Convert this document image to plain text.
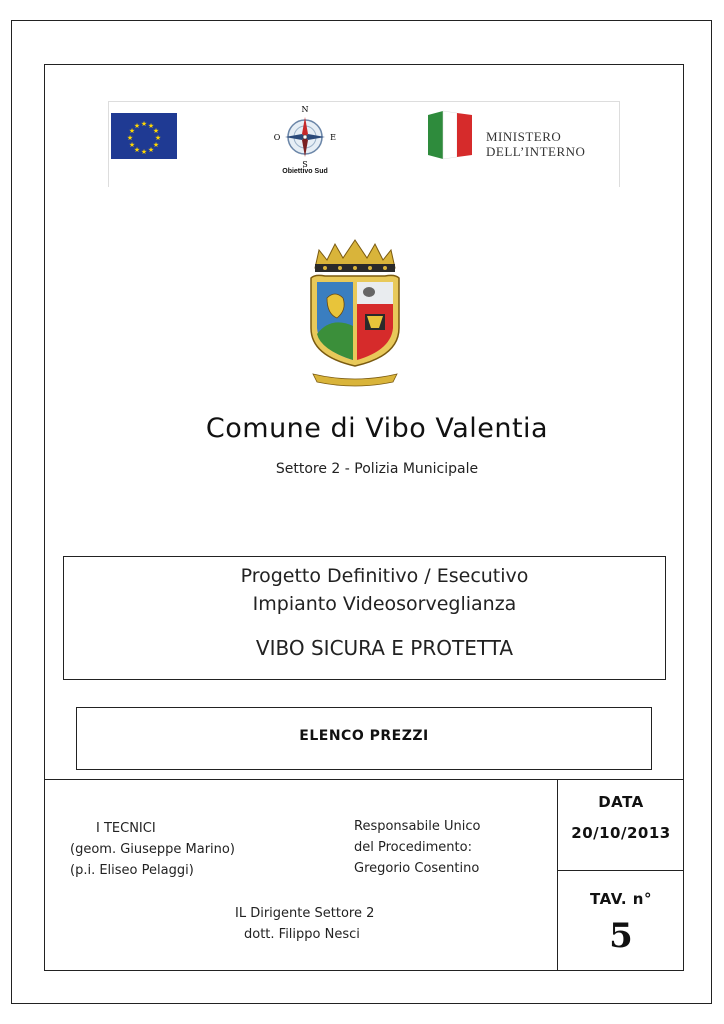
★ ★
★
★
★
★
★
★
★
★
★
★
N
S
E
O
Obiettivo Sud
MINISTERO
DELL’INTERNO
Comune di Vibo Valentia
Settore 2 - Polizia Municipale
Progetto Definitivo / Esecutivo
Impianto Videosorveglianza
VIBO SICURA E PROTETTA
ELENCO PREZZI
I TECNICI
(geom. Giuseppe Marino)
(p.i. Eliseo Pelaggi)
Responsabile Unico
del Procedimento:
Gregorio Cosentino
IL Dirigente Settore 2
dott. Filippo Nesci
DATA
20/10/2013
TAV. n°
5
